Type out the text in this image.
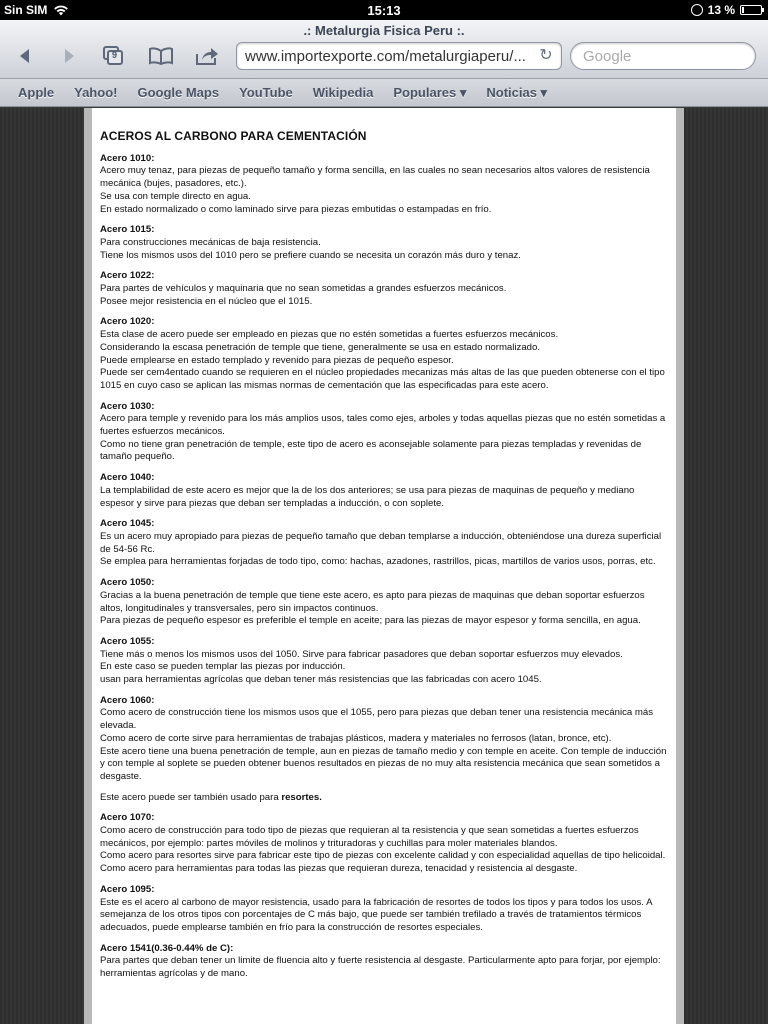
Sin SIM	15:13	13 %
.: Metalurgia Fisica Peru :.
9	www.importexporte.com/metalurgiaperu/... ↻	Google
Apple Yahoo! Google Maps YouTube Wikipedia Populares ▾ Noticias ▾
ACEROS AL CARBONO PARA CEMENTACIÓN
Acero 1010:

Acero muy tenaz, para piezas de pequeño tamaño y forma sencilla, en las cuales no sean necesarios altos valores de resistencia mecánica (bujes, pasadores, etc.).

Se usa con temple directo en agua.

En estado normalizado o como laminado sirve para piezas embutidas o estampadas en frío.

Acero 1015:

Para construcciones mecánicas de baja resistencia.

Tiene los mismos usos del 1010 pero se prefiere cuando se necesita un corazón más duro y tenaz.

Acero 1022:

Para partes de vehículos y maquinaria que no sean sometidas a grandes esfuerzos mecánicos.

Posee mejor resistencia en el núcleo que el 1015.

Acero 1020:

Esta clase de acero puede ser empleado en piezas que no estén sometidas a fuertes esfuerzos mecánicos.

Considerando la escasa penetración de temple que tiene, generalmente se usa en estado normalizado.

Puede emplearse en estado templado y revenido para piezas de pequeño espesor.

Puede ser cem4entado cuando se requieren en el núcleo propiedades mecanizas más altas de las que pueden obtenerse con el tipo 1015 en cuyo caso se aplican las mismas normas de cementación que las especificadas para este acero.

Acero 1030:

Acero para temple y revenido para los más amplios usos, tales como ejes, arboles y todas aquellas piezas que no estén sometidas a fuertes esfuerzos mecánicos.

Como no tiene gran penetración de temple, este tipo de acero es aconsejable solamente para piezas templadas y revenidas de tamaño pequeño.

Acero 1040:

La templabilidad de este acero es mejor que la de los dos anteriores; se usa para piezas de maquinas de pequeño y mediano espesor y sirve para piezas que deban ser templadas a inducción, o con soplete.

Acero 1045:

Es un acero muy apropiado para piezas de pequeño tamaño que deban templarse a inducción, obteniéndose una dureza superficial de 54-56 Rc.

Se emplea para herramientas forjadas de todo tipo, como: hachas, azadones, rastrillos, picas, martillos de varios usos, porras, etc.

Acero 1050:

Gracias a la buena penetración de temple que tiene este acero, es apto para piezas de maquinas que deban soportar esfuerzos altos, longitudinales y transversales, pero sin impactos continuos.

Para piezas de pequeño espesor es preferible el temple en aceite; para las piezas de mayor espesor y forma sencilla, en agua.

Acero 1055:

Tiene más o menos los mismos usos del 1050. Sirve para fabricar pasadores que deban soportar esfuerzos muy elevados.

En este caso se pueden templar las piezas por inducción.

usan para herramientas agrícolas que deban tener más resistencias que las fabricadas con acero 1045.

Acero 1060:

Como acero de construcción tiene los mismos usos que el 1055, pero para piezas que deban tener una resistencia mecánica más elevada.

Como acero de corte sirve para herramientas de trabajas plásticos, madera y materiales no ferrosos (latan, bronce, etc).

Este acero tiene una buena penetración de temple, aun en piezas de tamaño medio y con temple en aceite. Con temple de inducción y con temple al soplete se pueden obtener buenos resultados en piezas de no muy alta resistencia mecánica que sean sometidos a desgaste.

Este acero puede ser también usado para resortes.

Acero 1070:

Como acero de construcción para todo tipo de piezas que requieran al ta resistencia y que sean sometidas a fuertes esfuerzos mecánicos, por ejemplo: partes móviles de molinos y trituradoras y cuchillas para moler materiales blandos.

Como acero para resortes sirve para fabricar este tipo de piezas con excelente calidad y con especialidad aquellas de tipo helicoidal.

Como acero para herramientas para todas las piezas que requieran dureza, tenacidad y resistencia al desgaste.

Acero 1095:

Este es el acero al carbono de mayor resistencia, usado para la fabricación de resortes de todos los tipos y para todos los usos. A semejanza de los otros tipos con porcentajes de C más bajo, que puede ser también trefilado a través de tratamientos térmicos adecuados, puede emplearse también en frío para la construcción de resortes especiales.

Acero 1541(0.36-0.44% de C):

Para partes que deban tener un limite de fluencia alto y fuerte resistencia al desgaste. Particularmente apto para forjar, por ejemplo: herramientas agrícolas y de mano.
